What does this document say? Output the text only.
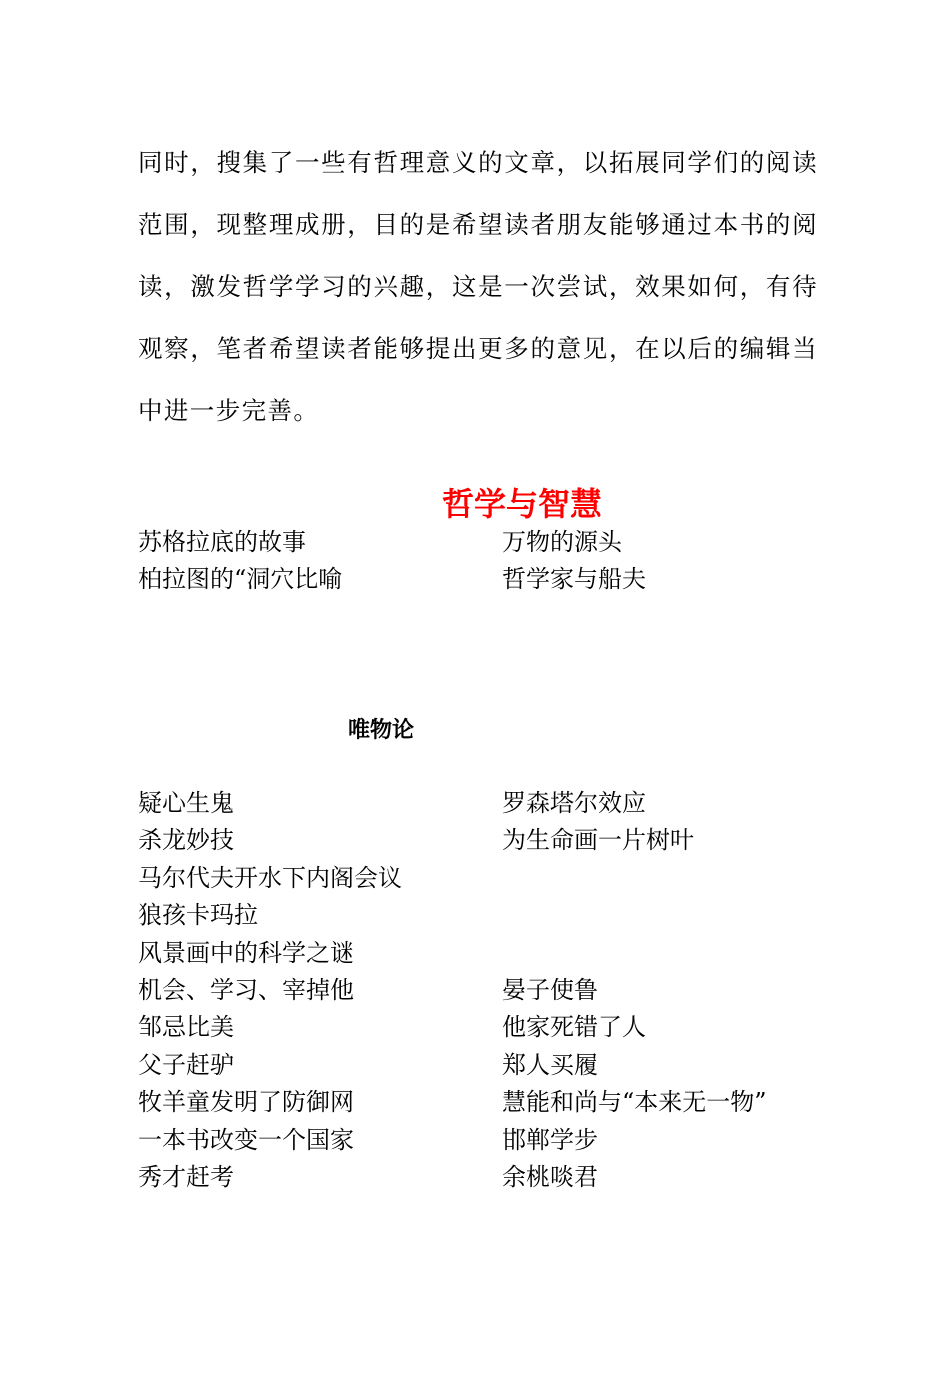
同时，搜集了一些有哲理意义的文章，以拓展同学们的阅读范围，现整理成册，目的是希望读者朋友能够通过本书的阅读，激发哲学学习的兴趣，这是一次尝试，效果如何，有待观察，笔者希望读者能够提出更多的意见，在以后的编辑当中进一步完善。

哲学与智慧
苏格拉底的故事	万物的源头
柏拉图的“洞穴比喻	哲学家与船夫
唯物论
疑心生鬼	罗森塔尔效应
杀龙妙技	为生命画一片树叶
马尔代夫开水下内阁会议
狼孩卡玛拉
风景画中的科学之谜
机会、学习、宰掉他	晏子使鲁
邹忌比美	他家死错了人
父子赶驴	郑人买履
牧羊童发明了防御网	慧能和尚与“本来无一物”
一本书改变一个国家	邯郸学步
秀才赶考	余桃啖君
